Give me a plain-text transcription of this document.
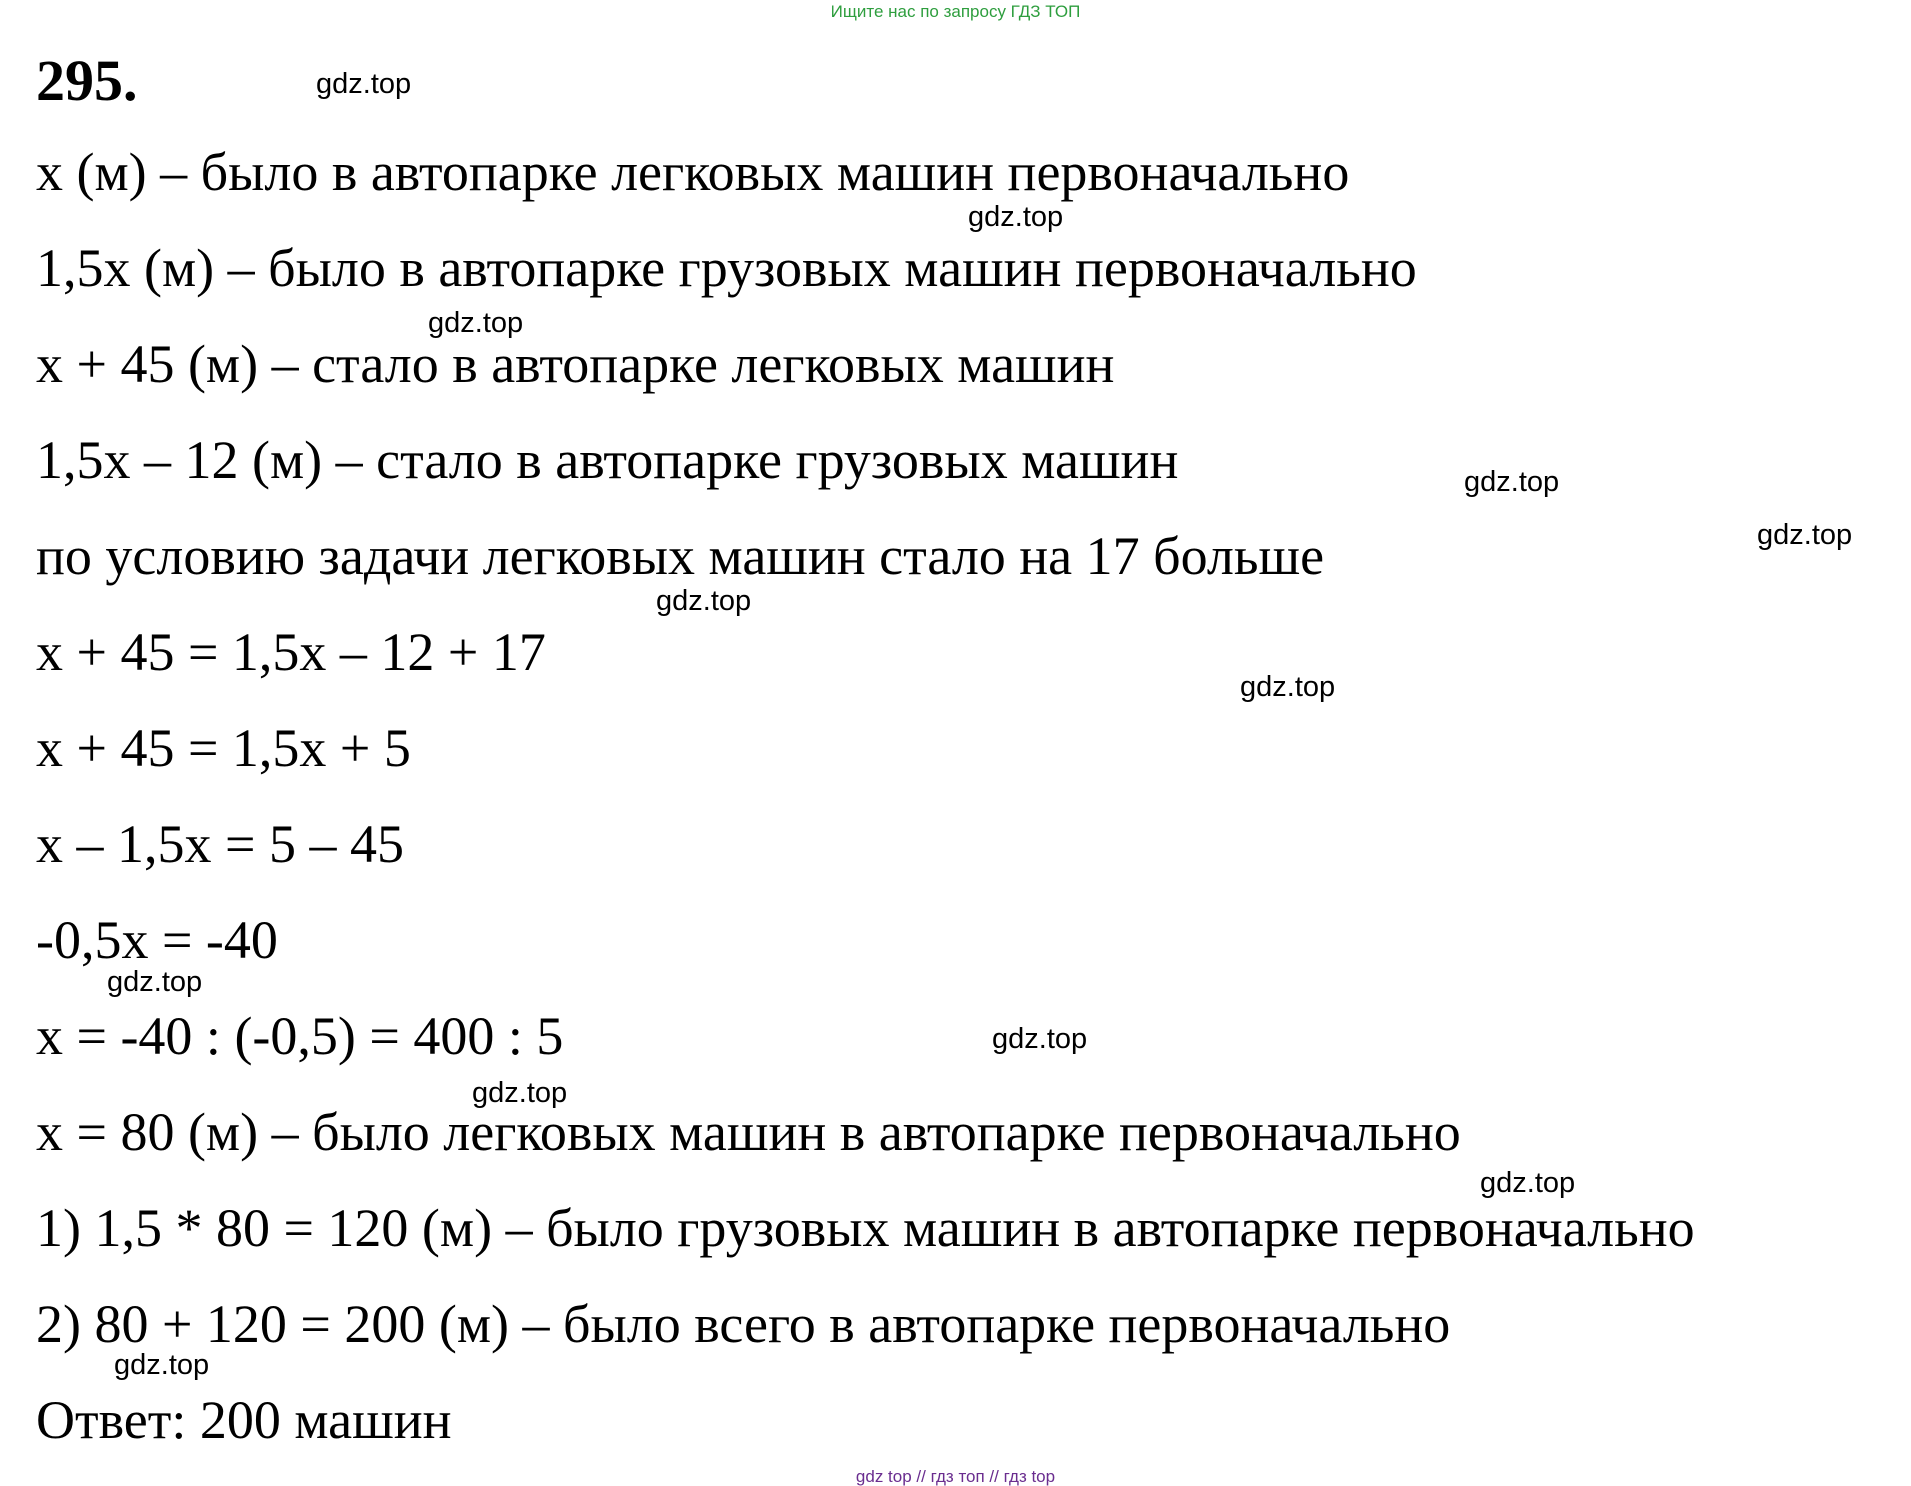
Ищите нас по запросу ГДЗ ТОП
295.	gdz.top
x (м) – было в автопарке легковых машин первоначально
gdz.top
1,5x (м) – было в автопарке грузовых машин первоначально
gdz.top
x + 45 (м) – стало в автопарке легковых машин
1,5x – 12 (м) – стало в автопарке грузовых машин	gdz.top
gdz.top
по условию задачи легковых машин стало на 17 больше
gdz.top
x + 45 = 1,5x – 12 + 17
gdz.top
x + 45 = 1,5x + 5
x – 1,5x = 5 – 45
-0,5x = -40
gdz.top
x = -40 : (-0,5) = 400 : 5	gdz.top
gdz.top
x = 80 (м) – было легковых машин в автопарке первоначально
gdz.top
1) 1,5 * 80 = 120 (м) – было грузовых машин в автопарке первоначально
2) 80 + 120 = 200 (м) – было всего в автопарке первоначально
gdz.top
Ответ: 200 машин
gdz top // гдз топ // гдз top
